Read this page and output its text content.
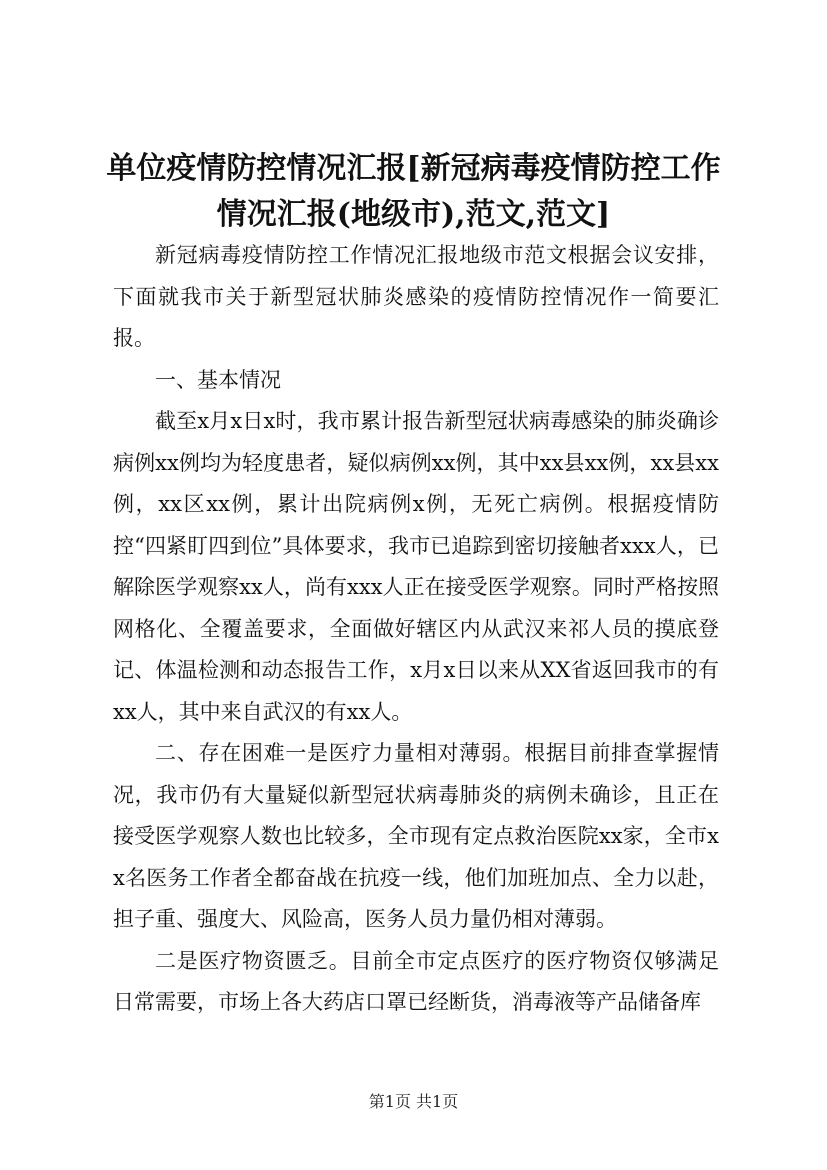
单位疫情防控情况汇报[新冠病毒疫情防控工作情况汇报(地级市),范文,范文]

新冠病毒疫情防控工作情况汇报地级市范文根据会议安排，下面就我市关于新型冠状肺炎感染的疫情防控情况作一简要汇报。

一、基本情况

截至x月x日x时，我市累计报告新型冠状病毒感染的肺炎确诊病例xx例均为轻度患者，疑似病例xx例，其中xx县xx例，xx县xx例，xx区xx例，累计出院病例x例，无死亡病例。根据疫情防控“四紧盯四到位”具体要求，我市已追踪到密切接触者xxx人，已解除医学观察xx人，尚有xxx人正在接受医学观察。同时严格按照网格化、全覆盖要求，全面做好辖区内从武汉来祁人员的摸底登记、体温检测和动态报告工作，x月x日以来从XX省返回我市的有xx人，其中来自武汉的有xx人。

二、存在困难一是医疗力量相对薄弱。根据目前排查掌握情况，我市仍有大量疑似新型冠状病毒肺炎的病例未确诊，且正在接受医学观察人数也比较多，全市现有定点救治医院xx家，全市xx名医务工作者全都奋战在抗疫一线，他们加班加点、全力以赴，担子重、强度大、风险高，医务人员力量仍相对薄弱。

二是医疗物资匮乏。目前全市定点医疗的医疗物资仅够满足日常需要，市场上各大药店口罩已经断货，消毒液等产品储备库

第1页 共1页
